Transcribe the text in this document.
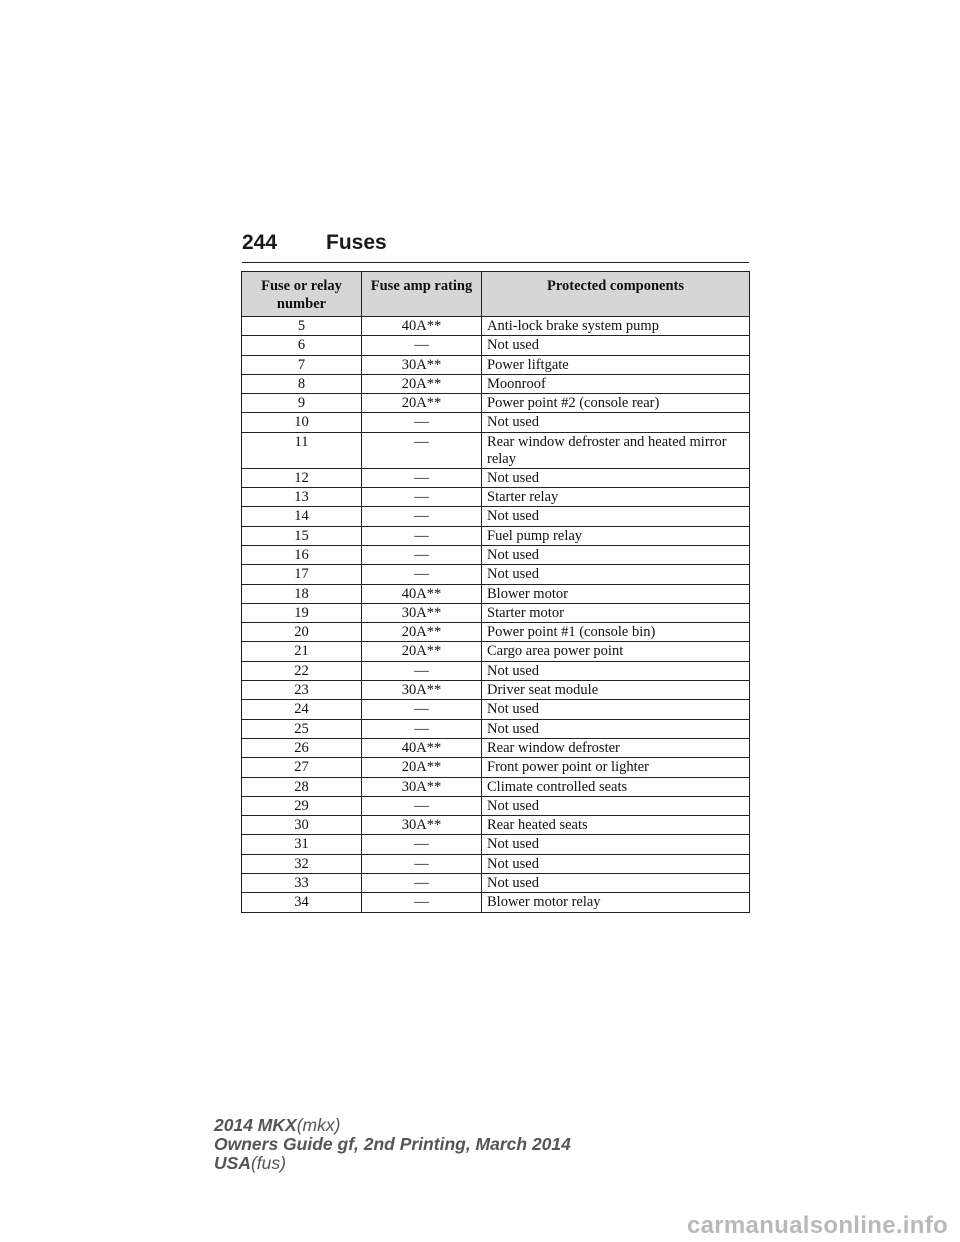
244 Fuses
Fuse or relay number	Fuse amp rating	Protected components
5	40A**	Anti-lock brake system pump
6	—	Not used
7	30A**	Power liftgate
8	20A**	Moonroof
9	20A**	Power point #2 (console rear)
10	—	Not used
11	—	Rear window defroster and heated mirror relay
12	—	Not used
13	—	Starter relay
14	—	Not used
15	—	Fuel pump relay
16	—	Not used
17	—	Not used
18	40A**	Blower motor
19	30A**	Starter motor
20	20A**	Power point #1 (console bin)
21	20A**	Cargo area power point
22	—	Not used
23	30A**	Driver seat module
24	—	Not used
25	—	Not used
26	40A**	Rear window defroster
27	20A**	Front power point or lighter
28	30A**	Climate controlled seats
29	—	Not used
30	30A**	Rear heated seats
31	—	Not used
32	—	Not used
33	—	Not used
34	—	Blower motor relay
2014 MKX(mkx)
Owners Guide gf, 2nd Printing, March 2014
USA(fus)
carmanualsonline.info
